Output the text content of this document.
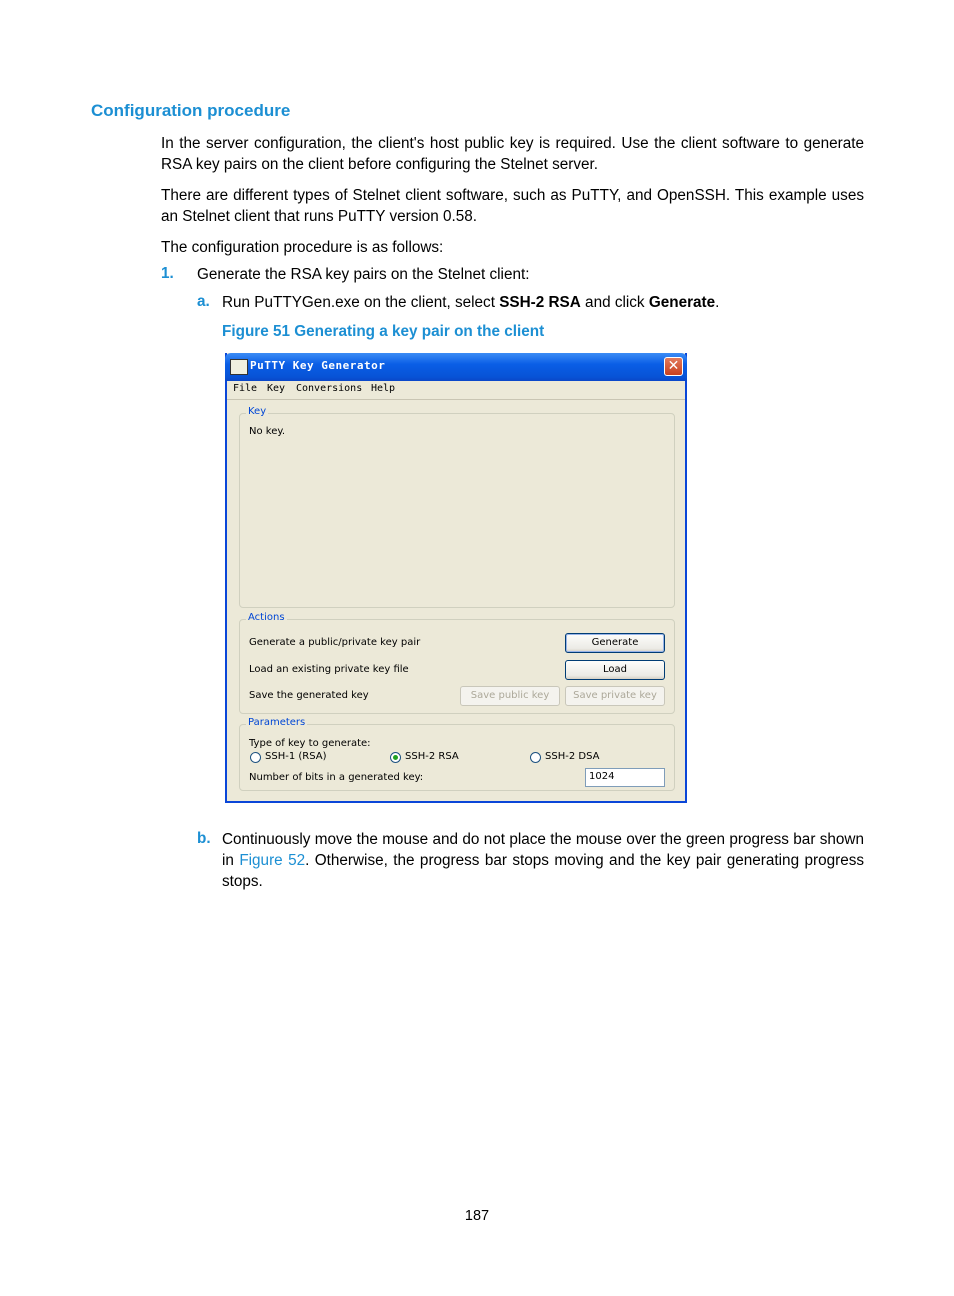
Configuration procedure

In the server configuration, the client's host public key is required. Use the client software to generate RSA key pairs on the client before configuring the Stelnet server.

There are different types of Stelnet client software, such as PuTTY, and OpenSSH. This example uses an Stelnet client that runs PuTTY version 0.58.

The configuration procedure is as follows:

1. Generate the RSA key pairs on the Stelnet client:

a. Run PuTTYGen.exe on the client, select SSH-2 RSA and click Generate.

Figure 51 Generating a key pair on the client
PuTTY Key Generator	✕
File Key Conversions Help
Key
No key.
Actions
Generate a public/private key pair
Load an existing private key file
Save the generated key
Generate
Load
Save public key	Save private key
Parameters
Type of key to generate:
SSH-1 (RSA)	SSH-2 RSA	SSH-2 DSA
Number of bits in a generated key:	1024
b. Continuously move the mouse and do not place the mouse over the green progress bar shown in Figure 52. Otherwise, the progress bar stops moving and the key pair generating progress stops.

187
